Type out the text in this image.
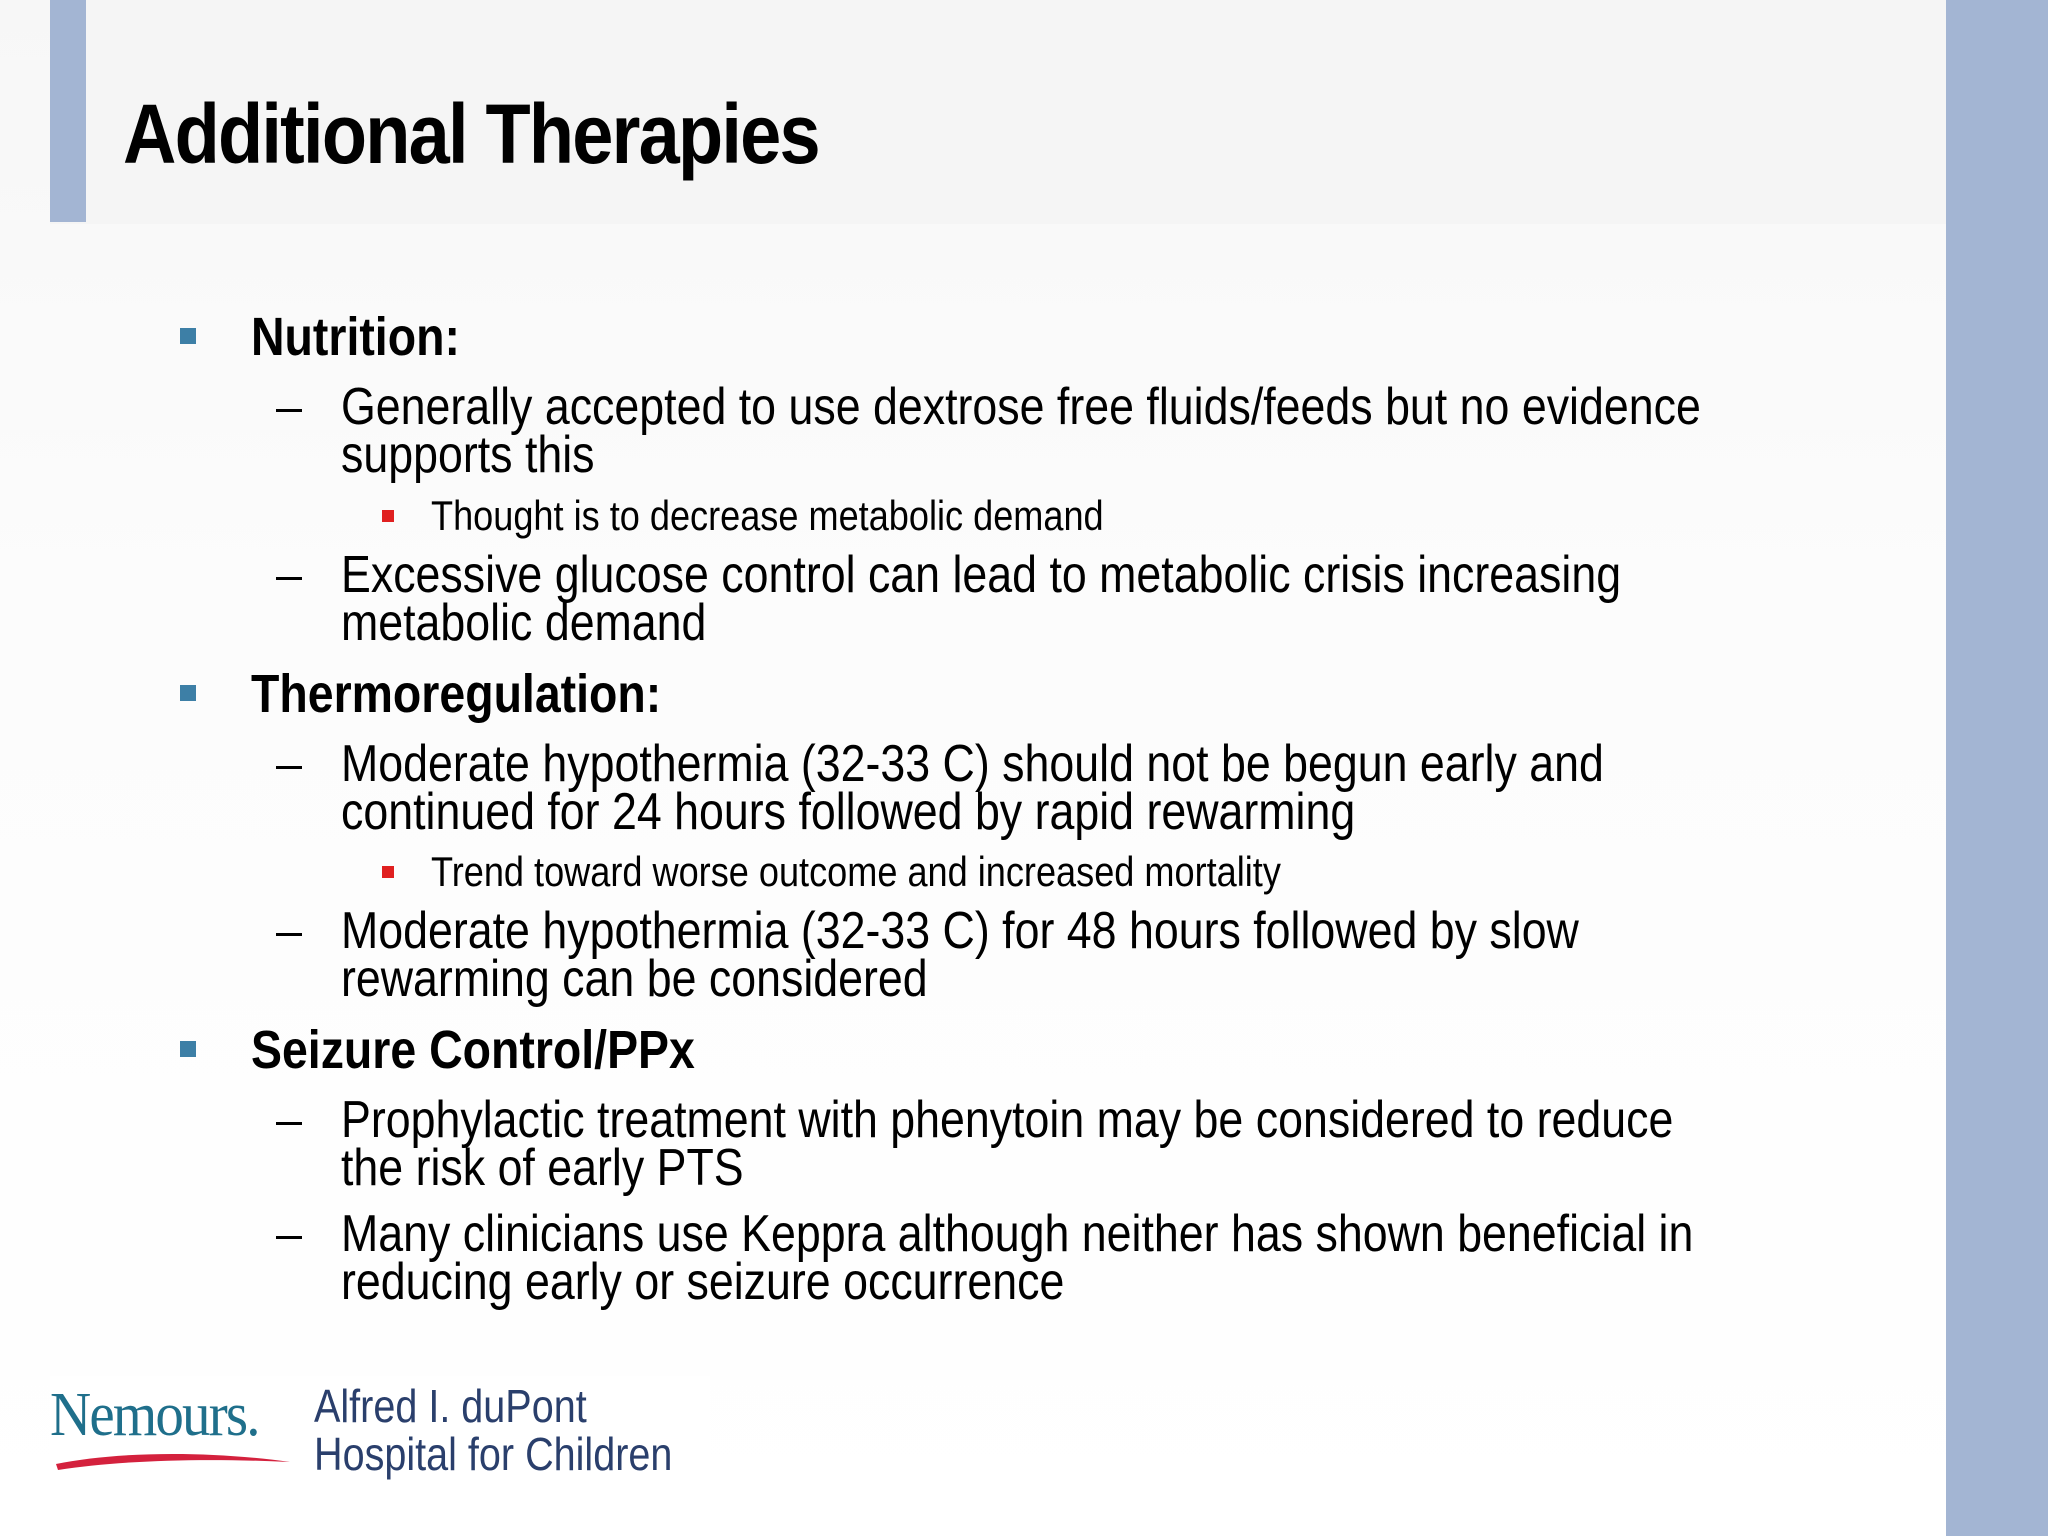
Additional Therapies
Nutrition:
Generally accepted to use dextrose free fluids/feeds but no evidence
supports this
Thought is to decrease metabolic demand
Excessive glucose control can lead to metabolic crisis increasing
metabolic demand
Thermoregulation:
Moderate hypothermia (32-33 C) should not be begun early and
continued for 24 hours followed by rapid rewarming
Trend toward worse outcome and increased mortality
Moderate hypothermia (32-33 C) for 48 hours followed by slow
rewarming can be considered
Seizure Control/PPx
Prophylactic treatment with phenytoin may be considered to reduce
the risk of early PTS
Many clinicians use Keppra although neither has shown beneficial in
reducing early or seizure occurrence
Nemours. Alfred I. duPont
Hospital for Children
